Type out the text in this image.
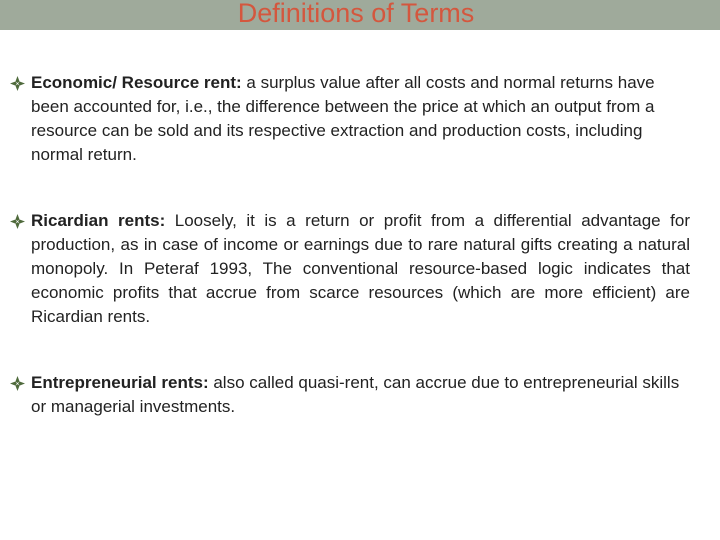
Definitions of Terms
Economic/ Resource rent: a surplus value after all costs and normal returns have been accounted for, i.e., the difference between the price at which an output from a resource can be sold and its respective extraction and production costs, including normal return.
Ricardian rents: Loosely, it is a return or profit from a differential advantage for production, as in case of income or earnings due to rare natural gifts creating a natural monopoly. In Peteraf 1993, The conventional resource-based logic indicates that economic profits that accrue from scarce resources (which are more efficient) are Ricardian rents.
Entrepreneurial rents: also called quasi-rent, can accrue due to entrepreneurial skills or managerial investments.
